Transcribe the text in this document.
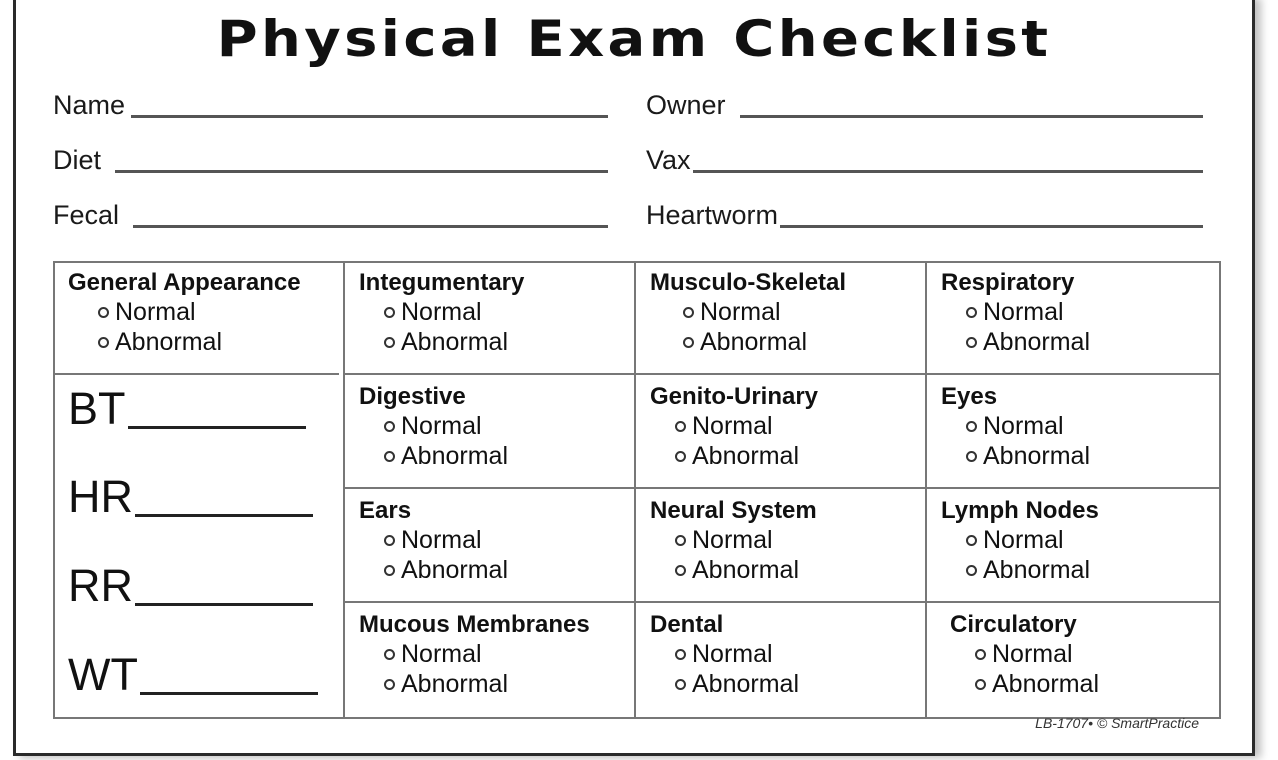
Physical Exam Checklist
Name
Diet
Fecal
Owner
Vax
Heartworm
General Appearance
Normal
Abnormal
BT
HR
RR
WT
Integumentary
Normal
Abnormal
Musculo-Skeletal
Normal
Abnormal
Respiratory
Normal
Abnormal
Digestive
Normal
Abnormal
Genito-Urinary
Normal
Abnormal
Eyes
Normal
Abnormal
Ears
Normal
Abnormal
Neural System
Normal
Abnormal
Lymph Nodes
Normal
Abnormal
Mucous Membranes
Normal
Abnormal
Dental
Normal
Abnormal
Circulatory
Normal
Abnormal
LB-1707• © SmartPractice
